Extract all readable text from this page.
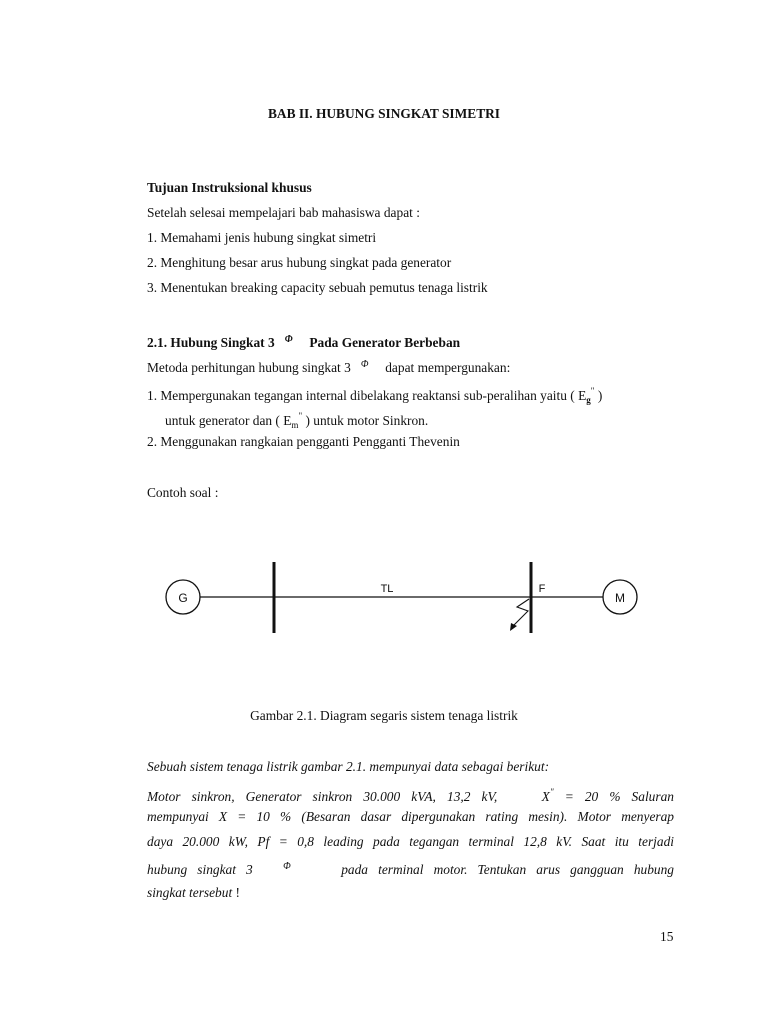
BAB II. HUBUNG SINGKAT SIMETRI
Tujuan Instruksional khusus
Setelah selesai mempelajari bab mahasiswa dapat :
1. Memahami jenis hubung singkat simetri
2. Menghitung besar arus hubung singkat pada generator
3. Menentukan breaking capacity sebuah pemutus tenaga listrik
2.1. Hubung Singkat 3 $^\Phi$ Pada Generator Berbeban
Metoda perhitungan hubung singkat 3 $^\Phi$ dapat mempergunakan:
1. Mempergunakan tegangan internal dibelakang reaktansi sub-peralihan yaitu ( $E_g^"$ )
untuk generator dan ( $E_m^"$ ) untuk motor Sinkron.
2. Menggunakan rangkaian pengganti Pengganti Thevenin
Contoh soal :
G
TL	F
M
Gambar 2.1. Diagram segaris sistem tenaga listrik
Sebuah sistem tenaga listrik gambar 2.1. mempunyai data sebagai berikut:
Motor sinkron, Generator sinkron 30.000 kVA, 13,2 kV,	X" = 20 % Saluran
mempunyai X = 10 % (Besaran dasar dipergunakan rating mesin). Motor menyerap
daya 20.000 kW, Pf = 0,8 leading pada tegangan terminal 12,8 kV. Saat itu terjadi
hubung singkat 3	$^\Phi$	pada terminal motor. Tentukan arus gangguan hubung
singkat tersebut !
15
